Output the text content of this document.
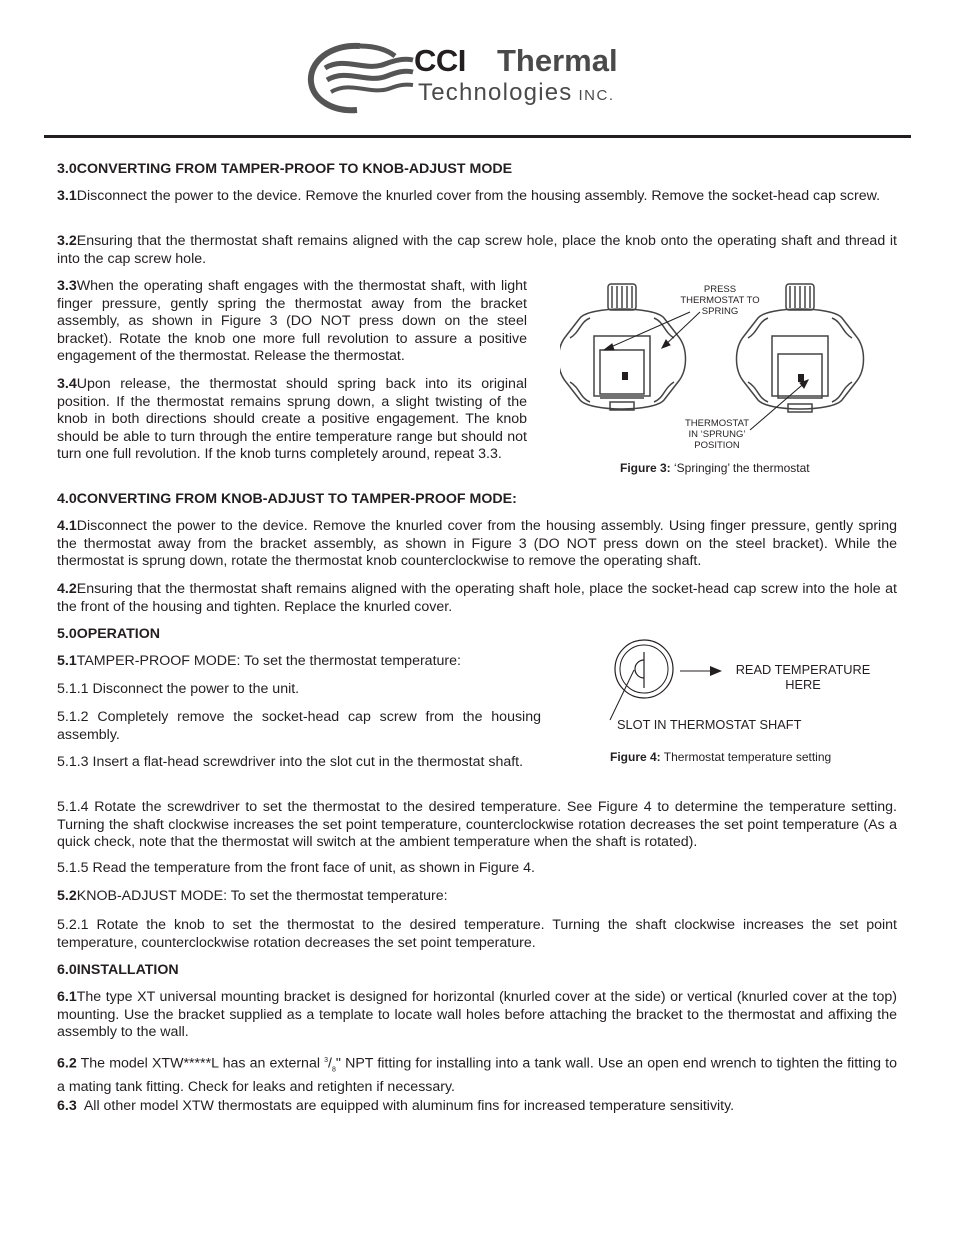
CCI Thermal
Technologies INC.
3.0CONVERTING FROM TAMPER-PROOF TO KNOB-ADJUST MODE
3.1Disconnect the power to the device. Remove the knurled cover from the housing assembly. Remove the socket-head cap screw.
3.2Ensuring that the thermostat shaft remains aligned with the cap screw hole, place the knob onto the operating shaft and thread it into the cap screw hole.
3.3When the operating shaft engages with the thermostat shaft, with light finger pressure, gently spring the thermostat away from the bracket assembly, as shown in Figure 3 (DO NOT press down on the steel bracket). Rotate the knob one more full revolution to assure a positive engagement of the thermostat. Release the thermostat.
3.4Upon release, the thermostat should spring back into its original position. If the thermostat remains sprung down, a slight twisting of the knob in both directions should create a positive engagement. The knob should be able to turn through the entire temperature range but should not turn one full revolution. If the knob turns completely around, repeat 3.3.
PRESS THERMOSTAT TO SPRING
THERMOSTAT IN ‘SPRUNG’ POSITION
Figure 3: ‘Springing’ the thermostat
4.0CONVERTING FROM KNOB-ADJUST TO TAMPER-PROOF MODE:
4.1Disconnect the power to the device. Remove the knurled cover from the housing assembly. Using finger pressure, gently spring the thermostat away from the bracket assembly, as shown in Figure 3 (DO NOT press down on the steel bracket). While the thermostat is sprung down, rotate the thermostat knob counterclockwise to remove the operating shaft.
4.2Ensuring that the thermostat shaft remains aligned with the operating shaft hole, place the socket-head cap screw into the hole at the front of the housing and tighten. Replace the knurled cover.
5.0OPERATION
5.1TAMPER-PROOF MODE: To set the thermostat temperature:
5.1.1 Disconnect the power to the unit.
5.1.2 Completely remove the socket-head cap screw from the housing assembly.
5.1.3 Insert a flat-head screwdriver into the slot cut in the thermostat shaft.
READ TEMPERATURE HERE
SLOT IN THERMOSTAT SHAFT
Figure 4: Thermostat temperature setting
5.1.4 Rotate the screwdriver to set the thermostat to the desired temperature. See Figure 4 to determine the temperature setting. Turning the shaft clockwise increases the set point temperature, counterclockwise rotation decreases the set point temperature (As a quick check, note that the thermostat will switch at the ambient temperature when the shaft is rotated).
5.1.5 Read the temperature from the front face of unit, as shown in Figure 4.
5.2KNOB-ADJUST MODE: To set the thermostat temperature:
5.2.1 Rotate the knob to set the thermostat to the desired temperature. Turning the shaft clockwise increases the set point temperature, counterclockwise rotation decreases the set point temperature.
6.0INSTALLATION
6.1The type XT universal mounting bracket is designed for horizontal (knurled cover at the side) or vertical (knurled cover at the top) mounting. Use the bracket supplied as a template to locate wall holes before attaching the bracket to the thermostat and affixing the assembly to the wall.
6.2 The model XTW*****L has an external $^3/_8$" NPT fitting for installing into a tank wall. Use an open end wrench to tighten the fitting to a mating tank fitting. Check for leaks and retighten if necessary.
6.3  All other model XTW thermostats are equipped with aluminum fins for increased temperature sensitivity.
